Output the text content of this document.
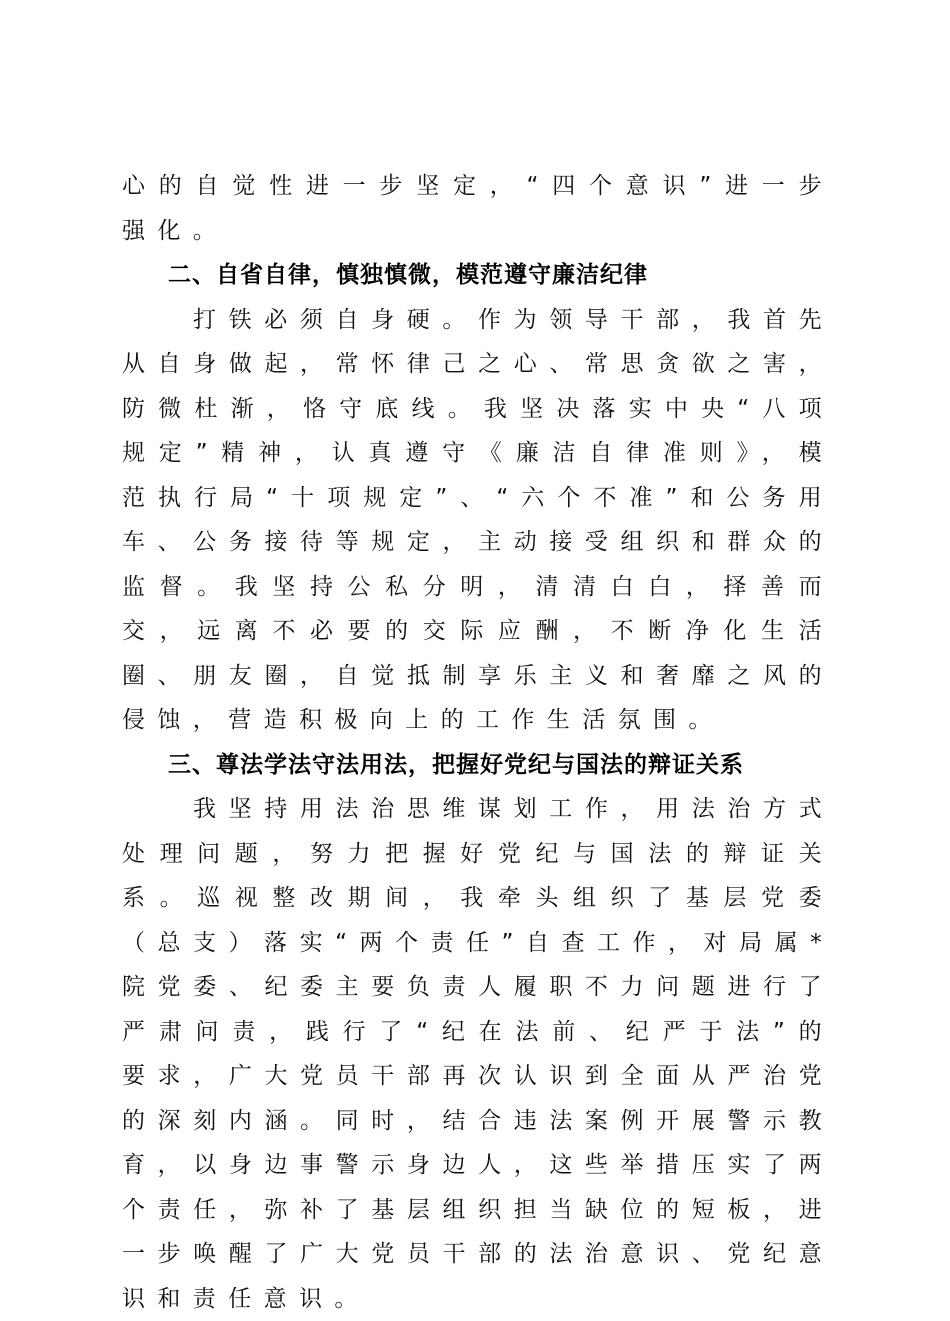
心的自觉性进一步坚定，“四个意识”进一步强化。

二、自省自律，慎独慎微，模范遵守廉洁纪律

打铁必须自身硬。作为领导干部，我首先从自身做起，常怀律己之心、常思贪欲之害，防微杜渐，恪守底线。我坚决落实中央“八项规定”精神，认真遵守《廉洁自律准则》，模范执行局“十项规定”、“六个不准”和公务用车、公务接待等规定，主动接受组织和群众的监督。我坚持公私分明，清清白白，择善而交，远离不必要的交际应酬，不断净化生活圈、朋友圈，自觉抵制享乐主义和奢靡之风的侵蚀，营造积极向上的工作生活氛围。

三、尊法学法守法用法，把握好党纪与国法的辩证关系

我坚持用法治思维谋划工作，用法治方式处理问题，努力把握好党纪与国法的辩证关系。巡视整改期间，我牵头组织了基层党委（总支）落实“两个责任”自查工作，对局属*院党委、纪委主要负责人履职不力问题进行了严肃问责，践行了“纪在法前、纪严于法”的要求，广大党员干部再次认识到全面从严治党的深刻内涵。同时，结合违法案例开展警示教育，以身边事警示身边人，这些举措压实了两个责任，弥补了基层组织担当缺位的短板，进一步唤醒了广大党员干部的法治意识、党纪意识和责任意识。
